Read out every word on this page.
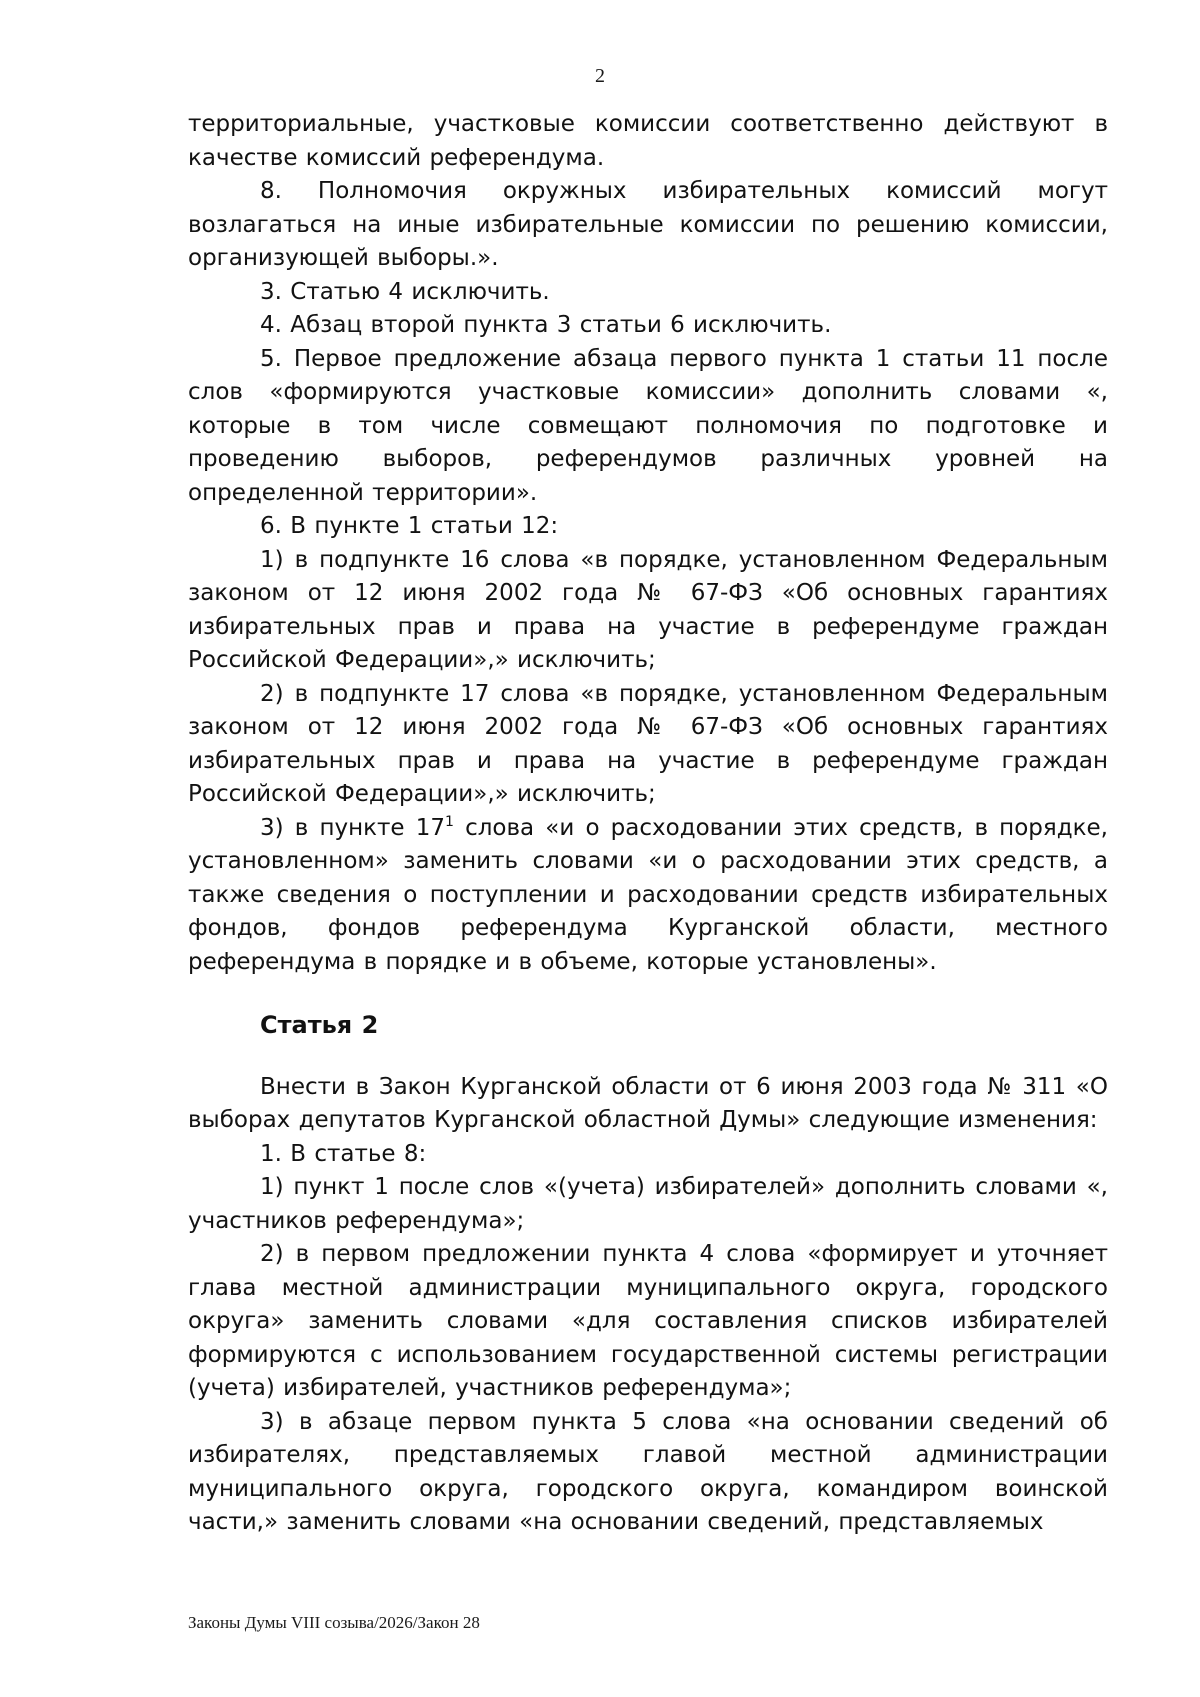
2

территориальные, участковые комиссии соответственно действуют в качестве комиссий референдума.

8. Полномочия окружных избирательных комиссий могут возлагаться на иные избирательные комиссии по решению комиссии, организующей выборы.».

3. Статью 4 исключить.

4. Абзац второй пункта 3 статьи 6 исключить.

5. Первое предложение абзаца первого пункта 1 статьи 11 после слов «формируются участковые комиссии» дополнить словами «, которые в том числе совмещают полномочия по подготовке и проведению выборов, референдумов различных уровней на определенной территории».

6. В пункте 1 статьи 12:

1) в подпункте 16 слова «в порядке, установленном Федеральным законом от 12 июня 2002 года № 67-ФЗ «Об основных гарантиях избирательных прав и права на участие в референдуме граждан Российской Федерации»,» исключить;

2) в подпункте 17 слова «в порядке, установленном Федеральным законом от 12 июня 2002 года № 67-ФЗ «Об основных гарантиях избирательных прав и права на участие в референдуме граждан Российской Федерации»,» исключить;

3) в пункте 17$^1$ слова «и о расходовании этих средств, в порядке, установленном» заменить словами «и о расходовании этих средств, а также сведения о поступлении и расходовании средств избирательных фондов, фондов референдума Курганской области, местного референдума в порядке и в объеме, которые установлены».

Статья 2

Внести в Закон Курганской области от 6 июня 2003 года № 311 «О выборах депутатов Курганской областной Думы» следующие изменения:

1. В статье 8:

1) пункт 1 после слов «(учета) избирателей» дополнить словами «, участников референдума»;

2) в первом предложении пункта 4 слова «формирует и уточняет глава местной администрации муниципального округа, городского округа» заменить словами «для составления списков избирателей формируются с использованием государственной системы регистрации (учета) избирателей, участников референдума»;

3) в абзаце первом пункта 5 слова «на основании сведений об избирателях, представляемых главой местной администрации муниципального округа, городского округа, командиром воинской части,» заменить словами «на основании сведений, представляемых

Законы Думы VIII созыва/2026/Закон 28
